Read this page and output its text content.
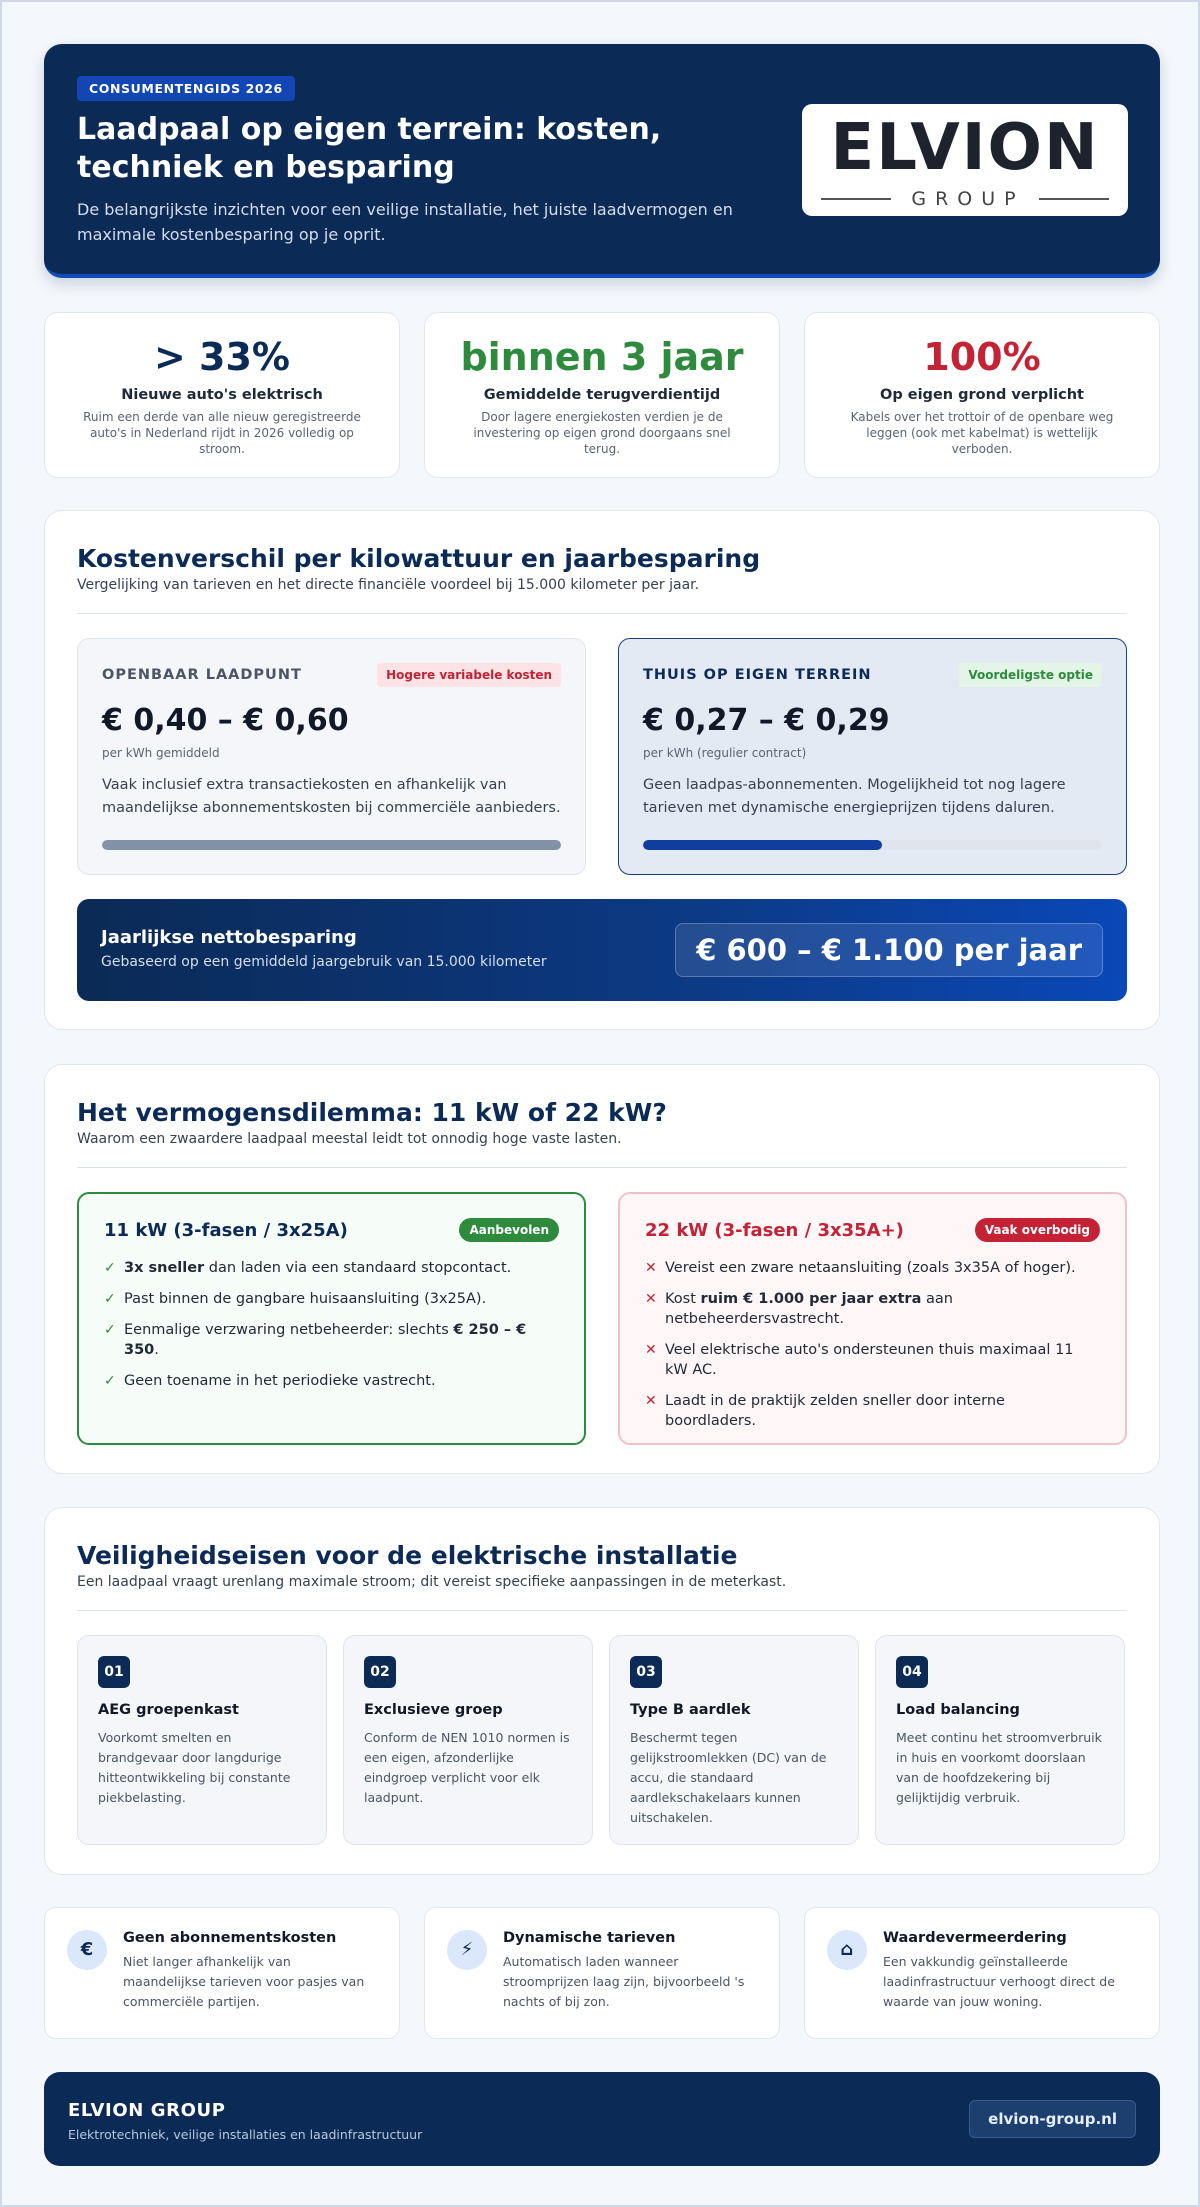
CONSUMENTENGIDS 2026
Laadpaal op eigen terrein: kosten, techniek en besparing

De belangrijkste inzichten voor een veilige installatie, het juiste laadvermogen en maximale kostenbesparing op je oprit.

ELVION
GROUP
> 33%
Nieuwe auto's elektrisch
Ruim een derde van alle nieuw geregistreerde auto's in Nederland rijdt in 2026 volledig op stroom.
binnen 3 jaar
Gemiddelde terugverdientijd
Door lagere energiekosten verdien je de investering op eigen grond doorgaans snel terug.
100%
Op eigen grond verplicht
Kabels over het trottoir of de openbare weg leggen (ook met kabelmat) is wettelijk verboden.
Kostenverschil per kilowattuur en jaarbesparing

Vergelijking van tarieven en het directe financiële voordeel bij 15.000 kilometer per jaar.

OPENBAAR LAADPUNT	Hogere variabele kosten
€ 0,40 – € 0,60
per kWh gemiddeld

Vaak inclusief extra transactiekosten en afhankelijk van maandelijkse abonnementskosten bij commerciële aanbieders.

THUIS OP EIGEN TERREIN	Voordeligste optie
€ 0,27 – € 0,29
per kWh (regulier contract)

Geen laadpas-abonnementen. Mogelijkheid tot nog lagere tarieven met dynamische energieprijzen tijdens daluren.

Jaarlijkse nettobesparing
Gebaseerd op een gemiddeld jaargebruik van 15.000 kilometer	€ 600 – € 1.100 per jaar
Het vermogensdilemma: 11 kW of 22 kW?

Waarom een zwaardere laadpaal meestal leidt tot onnodig hoge vaste lasten.

11 kW (3-fasen / 3x25A)	Aanbevolen
✓ 3x sneller dan laden via een standaard stopcontact.
✓ Past binnen de gangbare huisaansluiting (3x25A).
✓ Eenmalige verzwaring netbeheerder: slechts € 250 – € 350.
✓ Geen toename in het periodieke vastrecht.
22 kW (3-fasen / 3x35A+)	Vaak overbodig
✕ Vereist een zware netaansluiting (zoals 3x35A of hoger).
✕ Kost ruim € 1.000 per jaar extra aan netbeheerdersvastrecht.
✕ Veel elektrische auto's ondersteunen thuis maximaal 11 kW AC.
✕ Laadt in de praktijk zelden sneller door interne boordladers.
Veiligheidseisen voor de elektrische installatie

Een laadpaal vraagt urenlang maximale stroom; dit vereist specifieke aanpassingen in de meterkast.

01
AEG groepenkast
Voorkomt smelten en brandgevaar door langdurige hitteontwikkeling bij constante piekbelasting.
02
Exclusieve groep
Conform de NEN 1010 normen is een eigen, afzonderlijke eindgroep verplicht voor elk laadpunt.
03
Type B aardlek
Beschermt tegen gelijkstroomlekken (DC) van de accu, die standaard aardlekschakelaars kunnen uitschakelen.
04
Load balancing
Meet continu het stroomverbruik in huis en voorkomt doorslaan van de hoofdzekering bij gelijktijdig verbruik.
€
Geen abonnementskosten
Niet langer afhankelijk van maandelijkse tarieven voor pasjes van commerciële partijen.
⚡
Dynamische tarieven
Automatisch laden wanneer stroomprijzen laag zijn, bijvoorbeeld 's nachts of bij zon.
⌂
Waardevermeerdering
Een vakkundig geïnstalleerde laadinfrastructuur verhoogt direct de waarde van jouw woning.
ELVION GROUP
Elektrotechniek, veilige installaties en laadinfrastructuur
elvion-group.nl
